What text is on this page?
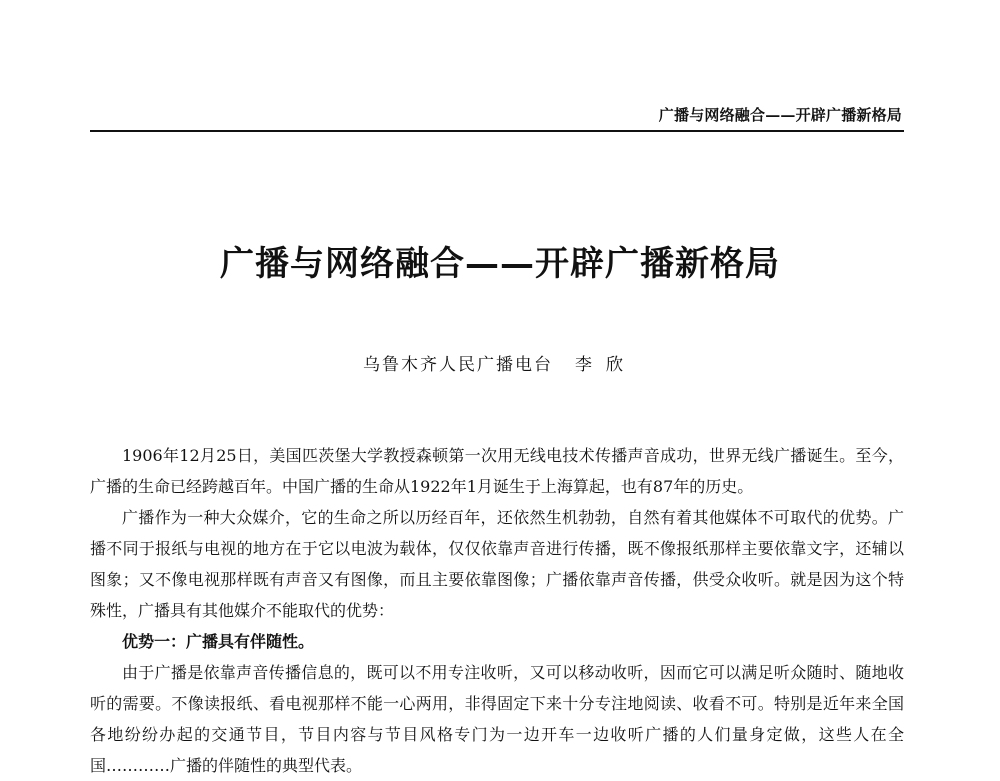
广播与网络融合——开辟广播新格局
广播与网络融合——开辟广播新格局
乌鲁木齐人民广播电台 李欣

1906年12月25日，美国匹茨堡大学教授森顿第一次用无线电技术传播声音成功，世界无线广播诞生。至今，广播的生命已经跨越百年。中国广播的生命从1922年1月诞生于上海算起，也有87年的历史。

广播作为一种大众媒介，它的生命之所以历经百年，还依然生机勃勃，自然有着其他媒体不可取代的优势。广播不同于报纸与电视的地方在于它以电波为载体，仅仅依靠声音进行传播，既不像报纸那样主要依靠文字，还辅以图象；又不像电视那样既有声音又有图像，而且主要依靠图像；广播依靠声音传播，供受众收听。就是因为这个特殊性，广播具有其他媒介不能取代的优势：

优势一：广播具有伴随性。

由于广播是依靠声音传播信息的，既可以不用专注收听，又可以移动收听，因而它可以满足听众随时、随地收听的需要。不像读报纸、看电视那样不能一心两用，非得固定下来十分专注地阅读、收看不可。特别是近年来全国各地纷纷办起的交通节目，节目内容与节目风格专门为一边开车一边收听广播的人们量身定做，这些人在全国…………广播的伴随性的典型代表。
